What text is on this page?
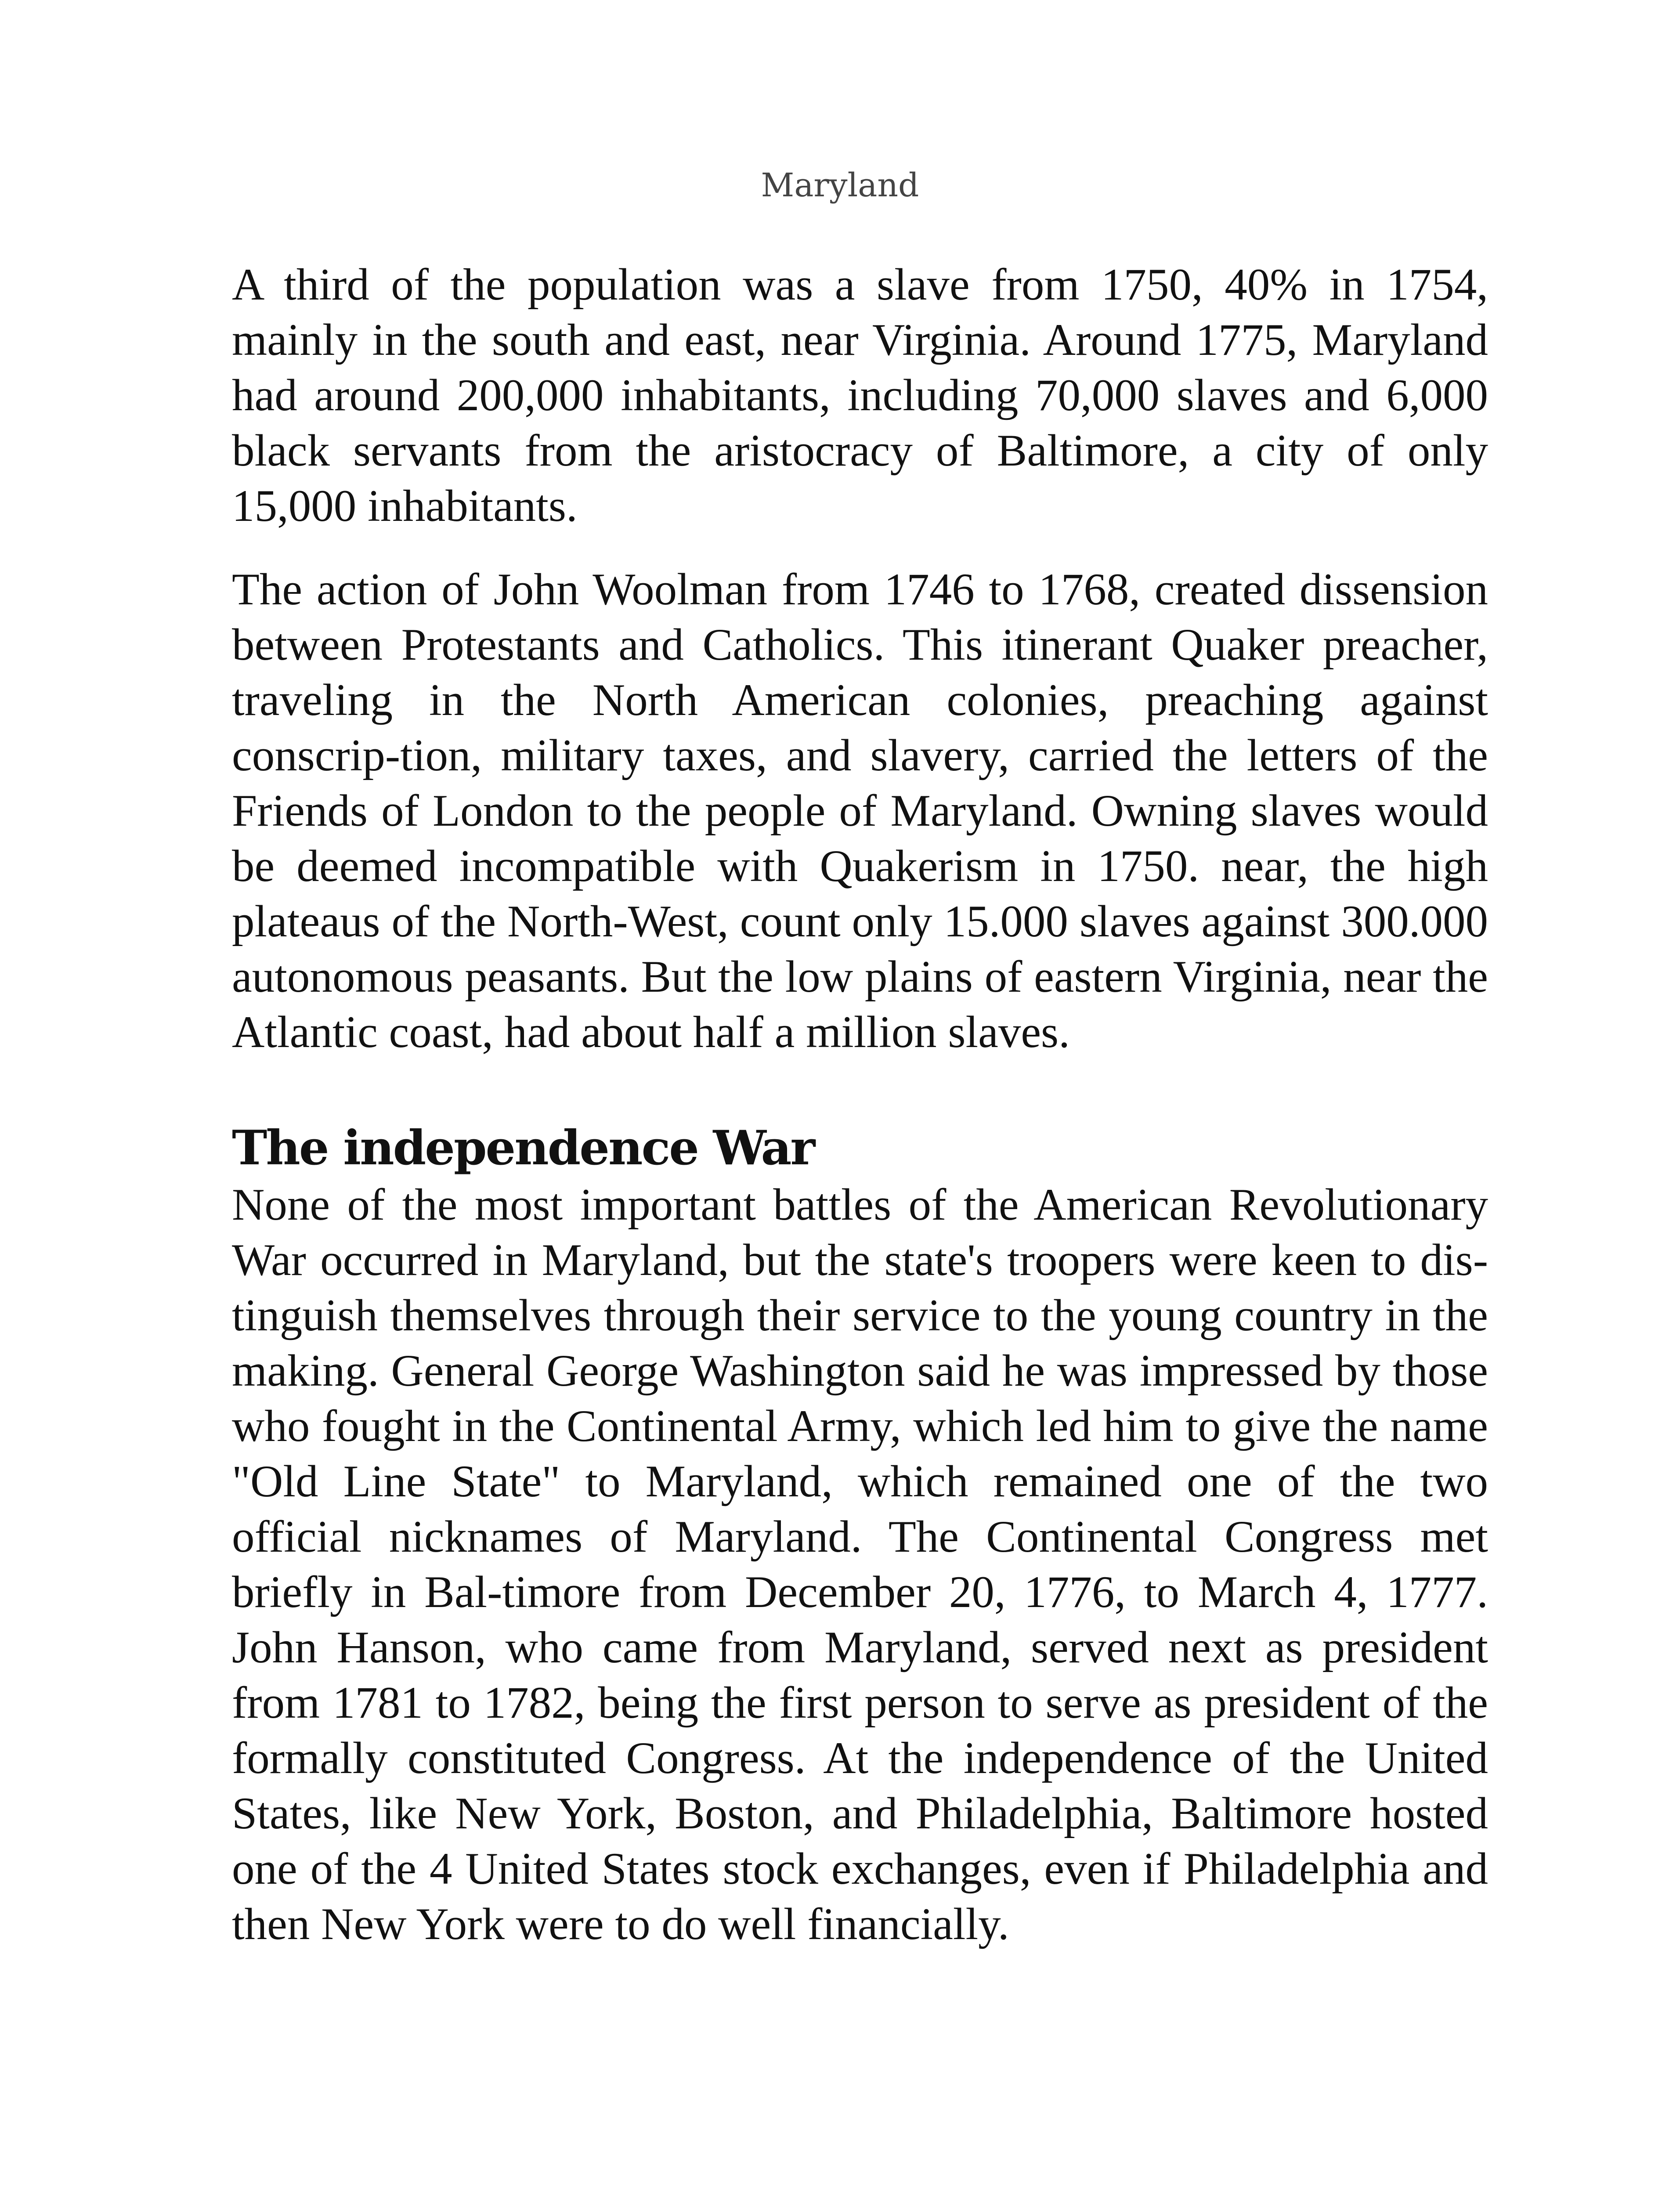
Maryland

A third of the population was a slave from 1750, 40% in 1754, mainly in the south and east, near Virginia. Around 1775, Maryland had around 200,000 inhabitants, including 70,000 slaves and 6,000 black servants from the aristocracy of Baltimore, a city of only 15,000 inhabitants.

The action of John Woolman from 1746 to 1768, created dissension between Protestants and Catholics. This itinerant Quaker preacher, traveling in the North American colonies, preaching against conscrip-tion, military taxes, and slavery, carried the letters of the Friends of London to the people of Maryland. Owning slaves would be deemed incompatible with Quakerism in 1750. near, the high plateaus of the North-West, count only 15.000 slaves against 300.000 autonomous peasants. But the low plains of eastern Virginia, near the Atlantic coast, had about half a million slaves.

The independence War

None of the most important battles of the American Revolutionary War occurred in Maryland, but the state's troopers were keen to dis-tinguish themselves through their service to the young country in the making. General George Washington said he was impressed by those who fought in the Continental Army, which led him to give the name "Old Line State" to Maryland, which remained one of the two official nicknames of Maryland. The Continental Congress met briefly in Bal-timore from December 20, 1776, to March 4, 1777. John Hanson, who came from Maryland, served next as president from 1781 to 1782, being the first person to serve as president of the formally constituted Congress. At the independence of the United States, like New York, Boston, and Philadelphia, Baltimore hosted one of the 4 United States stock exchanges, even if Philadelphia and then New York were to do well financially.
